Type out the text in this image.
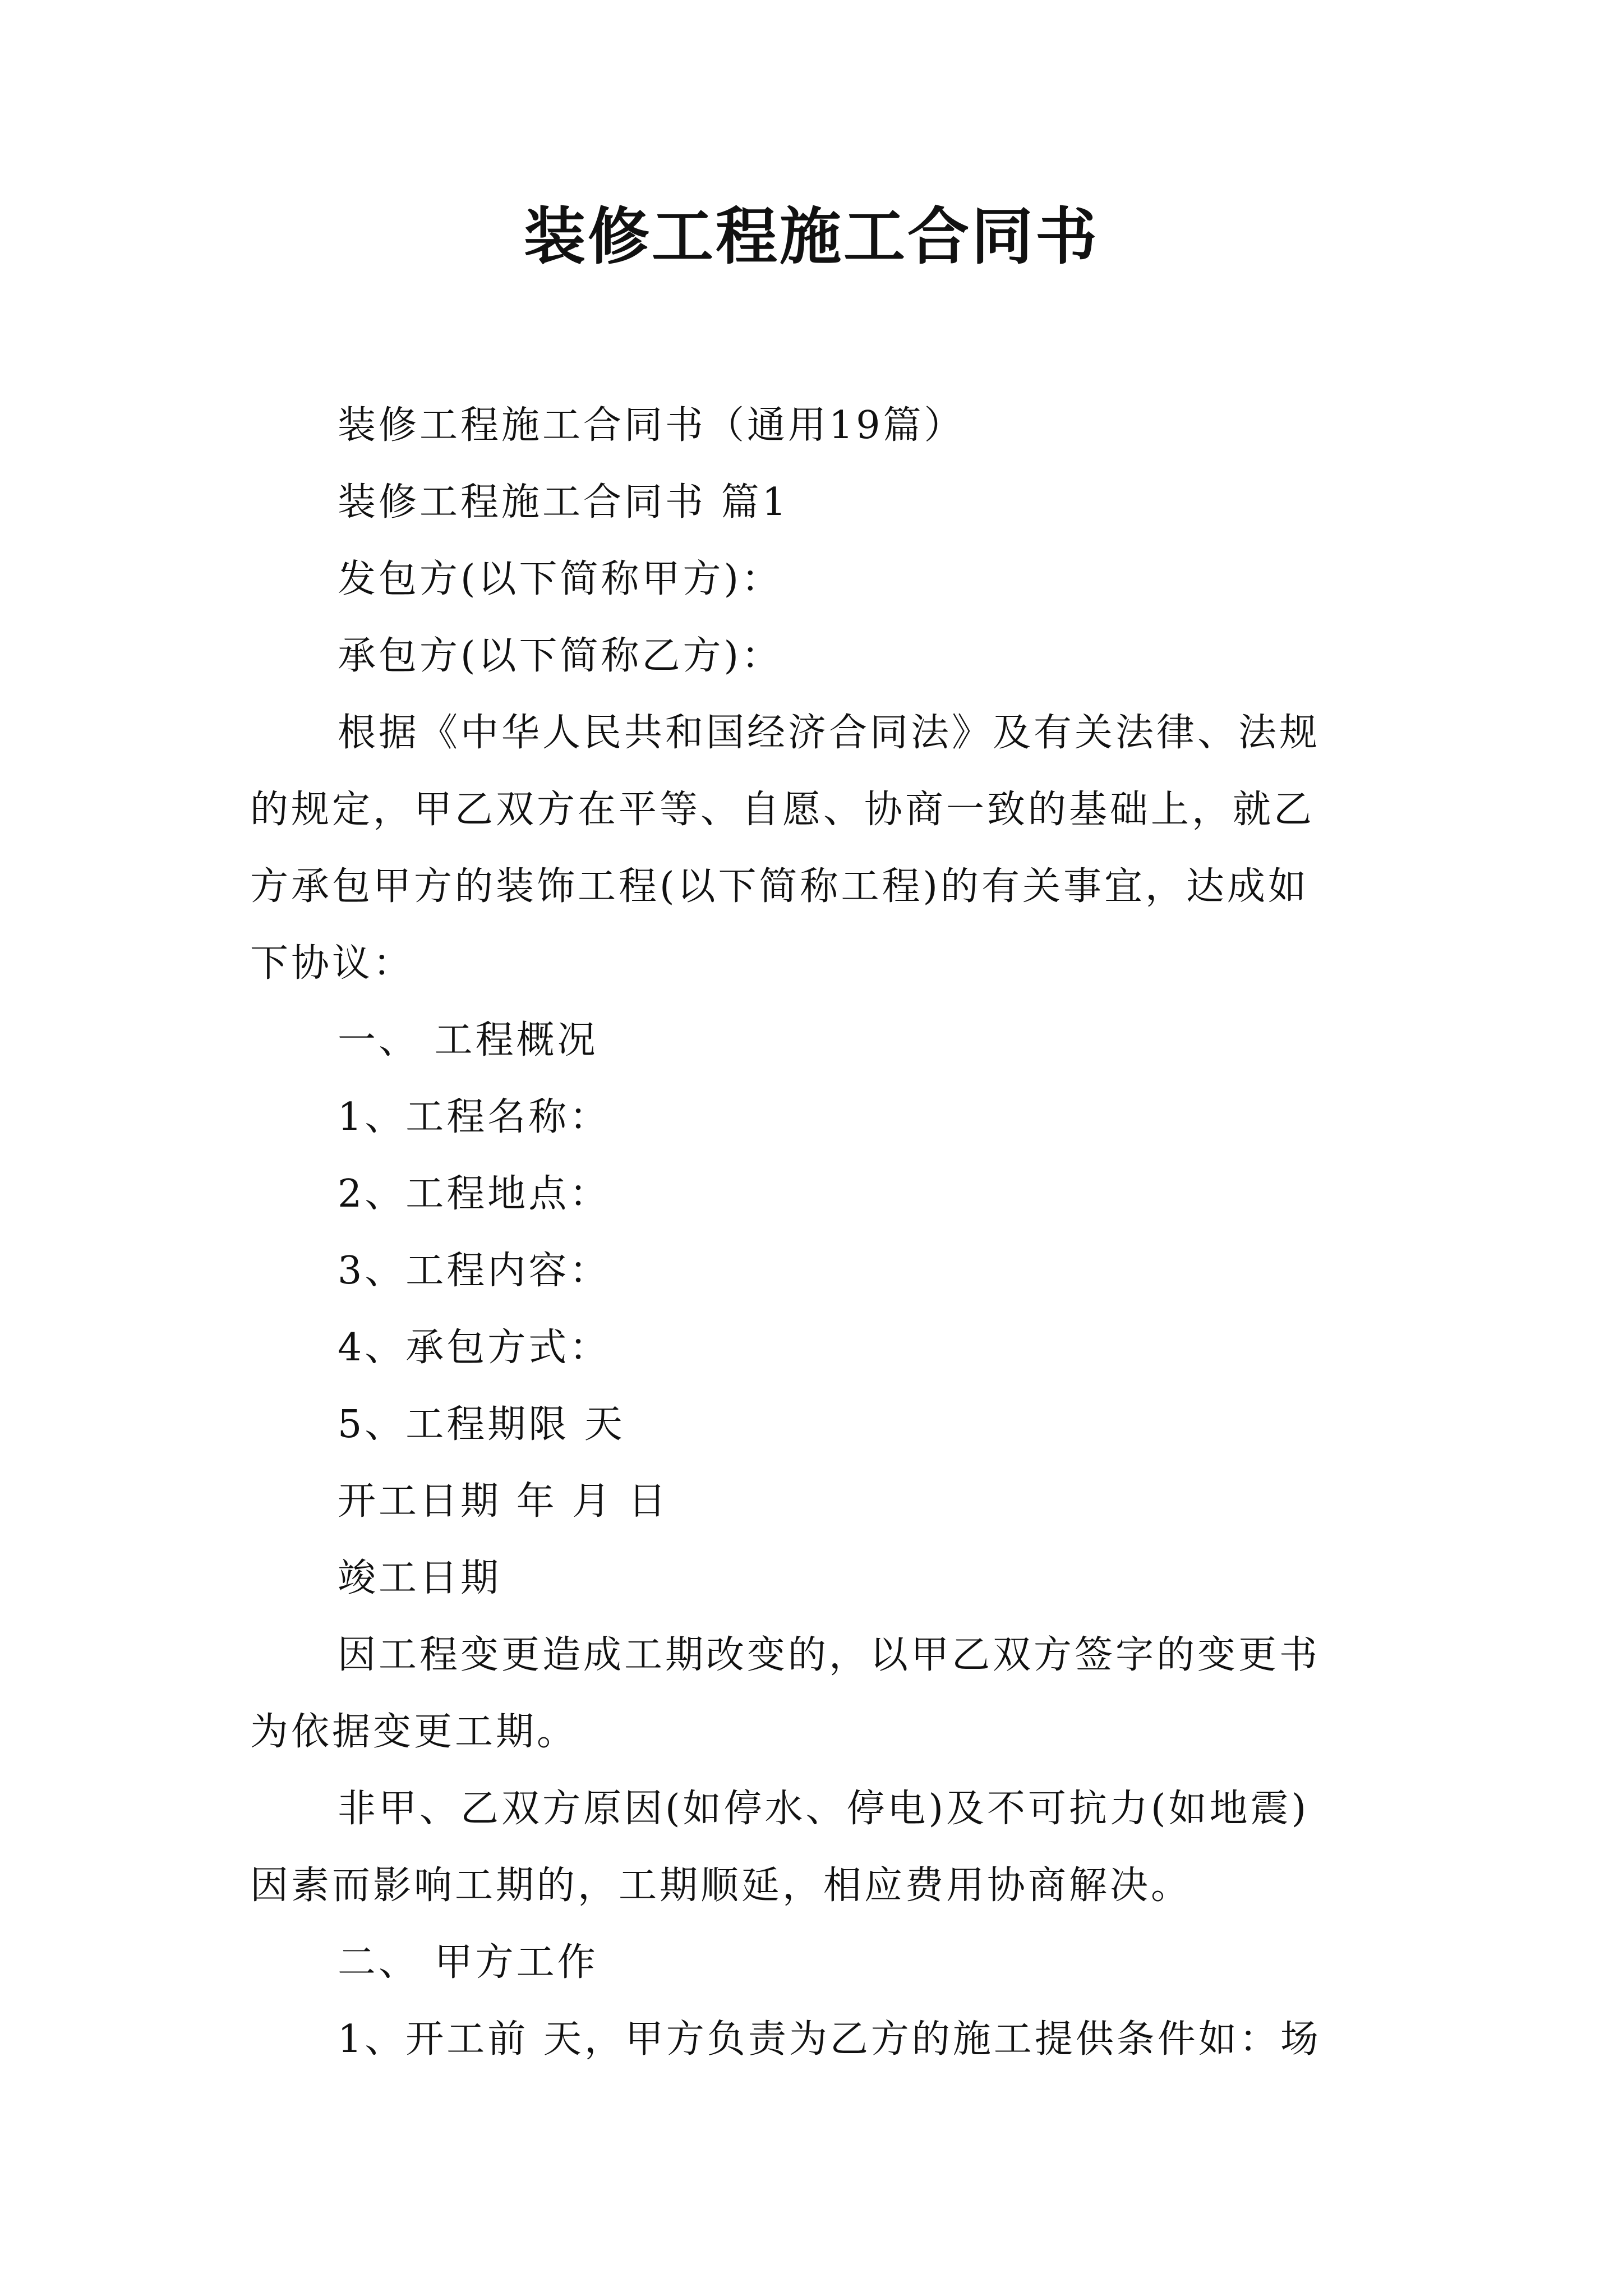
装修工程施工合同书
装修工程施工合同书（通用19篇）
装修工程施工合同书 篇1
发包方(以下简称甲方)：
承包方(以下简称乙方)：
根据《中华人民共和国经济合同法》及有关法律、法规
的规定，甲乙双方在平等、自愿、协商一致的基础上，就乙
方承包甲方的装饰工程(以下简称工程)的有关事宜，达成如
下协议：
一、 工程概况
1、工程名称：
2、工程地点：
3、工程内容：
4、承包方式：
5、工程期限 天
开工日期 年 月 日
竣工日期
因工程变更造成工期改变的，以甲乙双方签字的变更书
为依据变更工期。
非甲、乙双方原因(如停水、停电)及不可抗力(如地震)
因素而影响工期的，工期顺延，相应费用协商解决。
二、 甲方工作
1、开工前 天，甲方负责为乙方的施工提供条件如：场
